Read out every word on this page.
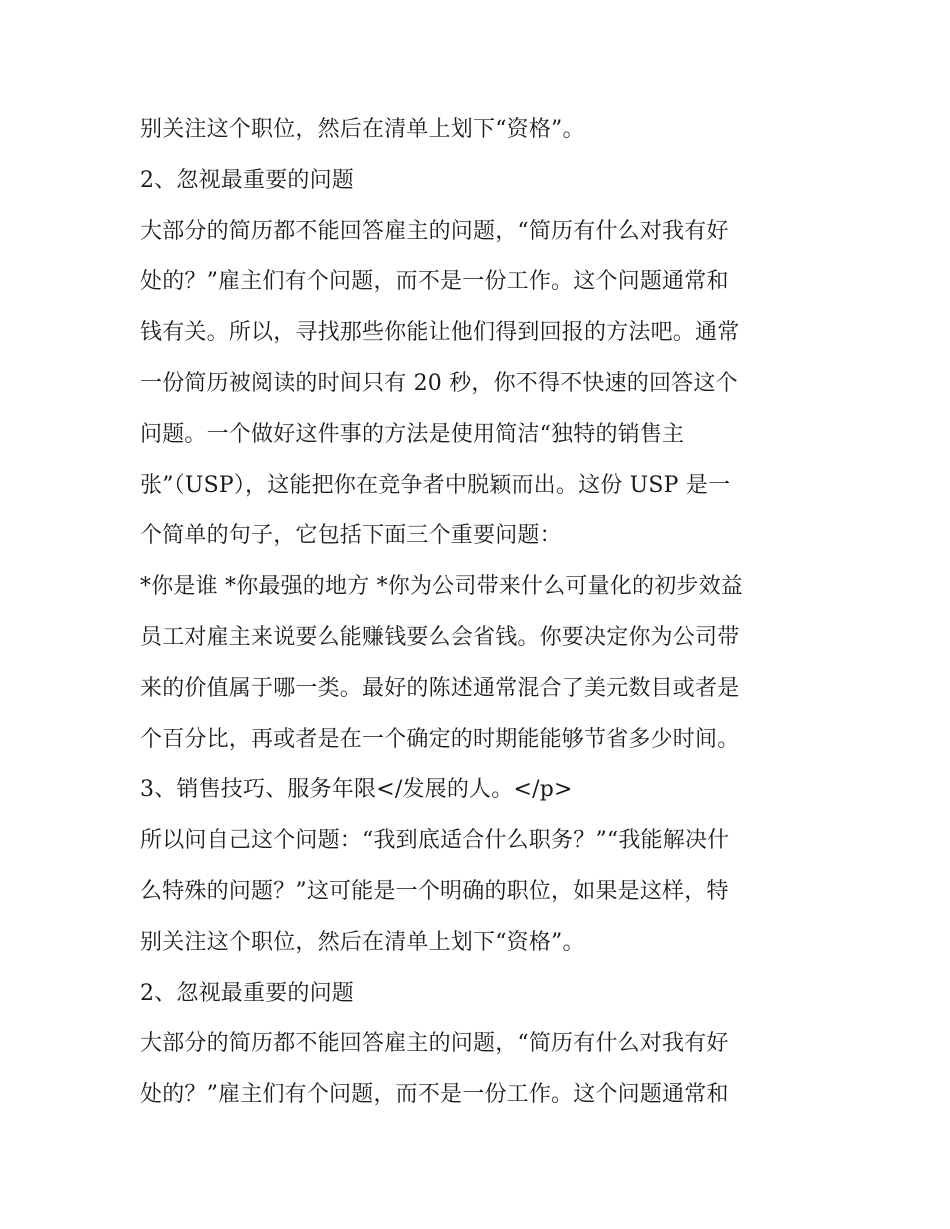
别关注这个职位，然后在清单上划下“资格”。
2、忽视最重要的问题
大部分的简历都不能回答雇主的问题，“简历有什么对我有好
处的？”雇主们有个问题，而不是一份工作。这个问题通常和
钱有关。所以，寻找那些你能让他们得到回报的方法吧。通常
一份简历被阅读的时间只有 20 秒，你不得不快速的回答这个
问题。一个做好这件事的方法是使用简洁“独特的销售主
张”（USP），这能把你在竞争者中脱颖而出。这份 USP 是一
个简单的句子，它包括下面三个重要问题：
*你是谁 *你最强的地方 *你为公司带来什么可量化的初步效益
员工对雇主来说要么能赚钱要么会省钱。你要决定你为公司带
来的价值属于哪一类。最好的陈述通常混合了美元数目或者是
个百分比，再或者是在一个确定的时期能能够节省多少时间。
3、销售技巧、服务年限</发展的人。</p>
所以问自己这个问题：“我到底适合什么职务？”“我能解决什
么特殊的问题？”这可能是一个明确的职位，如果是这样，特
别关注这个职位，然后在清单上划下“资格”。
2、忽视最重要的问题
大部分的简历都不能回答雇主的问题，“简历有什么对我有好
处的？”雇主们有个问题，而不是一份工作。这个问题通常和
